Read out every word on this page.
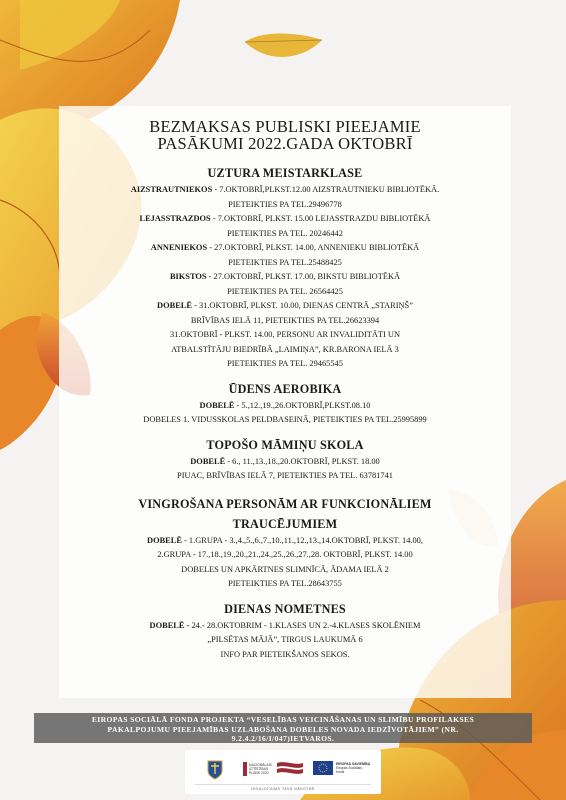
BEZMAKSAS PUBLISKI PIEEJAMIE
PASĀKUMI 2022.GADA OKTOBRĪ
UZTURA MEISTARKLASE
AIZSTRAUTNIEKOS - 7.OKTOBRĪ,PLKST.12.00 AIZSTRAUTNIEKU BIBLIOTĒKĀ.
PIETEIKTIES PA TEL.29496778
LEJASSTRAZDOS - 7.OKTOBRĪ, PLKST. 15.00 LEJASSTRAZDU BIBLIOTĒKĀ
PIETEIKTIES PA TEL. 20246442
ANNENIEKOS - 27.OKTOBRĪ, PLKST. 14.00, ANNENIEKU BIBLIOTĒKĀ
PIETEIKTIES PA TEL.25488425
BIKSTOS - 27.OKTOBRĪ, PLKST. 17.00, BIKSTU BIBLIOTĒKĀ
PIETEIKTIES PA TEL. 26564425
DOBELĒ - 31.OKTOBRĪ, PLKST. 10.00, DIENAS CENTRĀ „STARIŅŠ”
BRĪVĪBAS IELĀ 11, PIETEIKTIES PA TEL.26623394
31.OKTOBRĪ - PLKST. 14.00, PERSONU AR INVALIDITĀTI UN
ATBALSTĪTĀJU BIEDRĪBĀ „LAIMIŅA”, KR.BARONA IELĀ 3
PIETEIKTIES PA TEL. 29465545
ŪDENS AEROBIKA
DOBELĒ - 5.,12.,19.,26.OKTOBRĪ,PLKST.08.10
DOBELES 1. VIDUSSKOLAS PELDBASEINĀ, PIETEIKTIES PA TEL.25995899
TOPOŠO MĀMIŅU SKOLA
DOBELĒ - 6., 11.,13.,18.,20.OKTOBRĪ, PLKST. 18.00
PIUAC, BRĪVĪBAS IELĀ 7, PIETEIKTIES PA TEL. 63781741
VINGROŠANA PERSONĀM AR FUNKCIONĀLIEM
TRAUCĒJUMIEM
DOBELĒ - 1.GRUPA - 3.,4.,5.,6.,7.,10.,11.,12.,13.,14.OKTOBRĪ, PLKST. 14.00,
2.GRUPA - 17.,18.,19.,20.,21.,24.,25.,26.,27.,28. OKTOBRĪ, PLKST. 14.00
DOBELES UN APKĀRTNES SLIMNĪCĀ, ĀDAMA IELĀ 2
PIETEIKTIES PA TEL.28643755
DIENAS NOMETNES
DOBELĒ - 24.- 28.OKTOBRIM - 1.KLASES UN 2.-4.KLASES SKOLĒNIEM
„PILSĒTAS MĀJĀ”, TIRGUS LAUKUMĀ 6
INFO PAR PIETEIKŠANOS SEKOS.
EIROPAS SOCIĀLĀ FONDA PROJEKTA “VESELĪBAS VEICINĀŠANAS UN SLIMĪBU PROFILAKSES
PAKALPOJUMU PIEEJAMĪBAS UZLABOŠANA DOBELES NOVADA IEDZĪVOTĀJIEM” (NR.
9.2.4.2/16/I/047)IETVAROS.
NACIONĀLAIS
ATTĪSTĪBAS
PLĀNS 2020
EIROPAS SAVIENĪBA
Eiropas Sociālais
fonds
IEGULDĪJUMS TAVĀ NĀKOTNĒ
